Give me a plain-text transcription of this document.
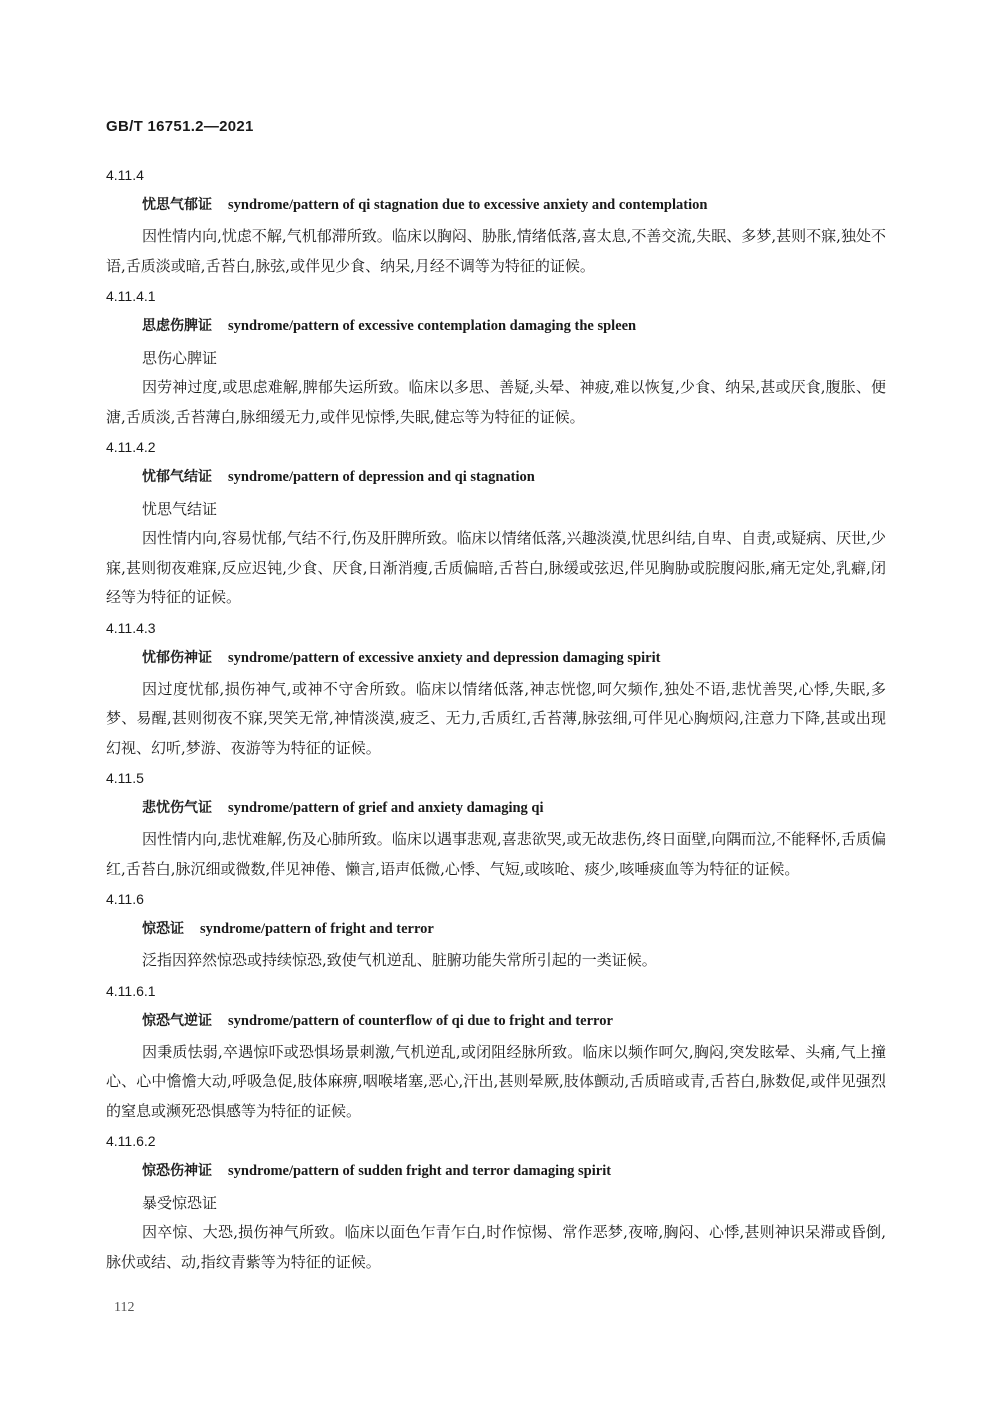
GB/T 16751.2—2021
4.11.4
忧思气郁证 syndrome/pattern of qi stagnation due to excessive anxiety and contemplation

因性情内向,忧虑不解,气机郁滞所致。临床以胸闷、胁胀,情绪低落,喜太息,不善交流,失眠、多梦,甚则不寐,独处不语,舌质淡或暗,舌苔白,脉弦,或伴见少食、纳呆,月经不调等为特征的证候。

4.11.4.1
思虑伤脾证 syndrome/pattern of excessive contemplation damaging the spleen
思伤心脾证

因劳神过度,或思虑难解,脾郁失运所致。临床以多思、善疑,头晕、神疲,难以恢复,少食、纳呆,甚或厌食,腹胀、便溏,舌质淡,舌苔薄白,脉细缓无力,或伴见惊悸,失眠,健忘等为特征的证候。

4.11.4.2
忧郁气结证 syndrome/pattern of depression and qi stagnation
忧思气结证

因性情内向,容易忧郁,气结不行,伤及肝脾所致。临床以情绪低落,兴趣淡漠,忧思纠结,自卑、自责,或疑病、厌世,少寐,甚则彻夜难寐,反应迟钝,少食、厌食,日渐消瘦,舌质偏暗,舌苔白,脉缓或弦迟,伴见胸胁或脘腹闷胀,痛无定处,乳癖,闭经等为特征的证候。

4.11.4.3
忧郁伤神证 syndrome/pattern of excessive anxiety and depression damaging spirit

因过度忧郁,损伤神气,或神不守舍所致。临床以情绪低落,神志恍惚,呵欠频作,独处不语,悲忧善哭,心悸,失眠,多梦、易醒,甚则彻夜不寐,哭笑无常,神情淡漠,疲乏、无力,舌质红,舌苔薄,脉弦细,可伴见心胸烦闷,注意力下降,甚或出现幻视、幻听,梦游、夜游等为特征的证候。

4.11.5
悲忧伤气证 syndrome/pattern of grief and anxiety damaging qi

因性情内向,悲忧难解,伤及心肺所致。临床以遇事悲观,喜悲欲哭,或无故悲伤,终日面壁,向隅而泣,不能释怀,舌质偏红,舌苔白,脉沉细或微数,伴见神倦、懒言,语声低微,心悸、气短,或咳呛、痰少,咳唾痰血等为特征的证候。

4.11.6
惊恐证 syndrome/pattern of fright and terror

泛指因猝然惊恐或持续惊恐,致使气机逆乱、脏腑功能失常所引起的一类证候。

4.11.6.1
惊恐气逆证 syndrome/pattern of counterflow of qi due to fright and terror

因秉质怯弱,卒遇惊吓或恐惧场景刺激,气机逆乱,或闭阻经脉所致。临床以频作呵欠,胸闷,突发眩晕、头痛,气上撞心、心中憺憺大动,呼吸急促,肢体麻痹,咽喉堵塞,恶心,汗出,甚则晕厥,肢体颤动,舌质暗或青,舌苔白,脉数促,或伴见强烈的窒息或濒死恐惧感等为特征的证候。

4.11.6.2
惊恐伤神证 syndrome/pattern of sudden fright and terror damaging spirit
暴受惊恐证

因卒惊、大恐,损伤神气所致。临床以面色乍青乍白,时作惊惕、常作恶梦,夜啼,胸闷、心悸,甚则神识呆滞或昏倒,脉伏或结、动,指纹青紫等为特征的证候。

112
